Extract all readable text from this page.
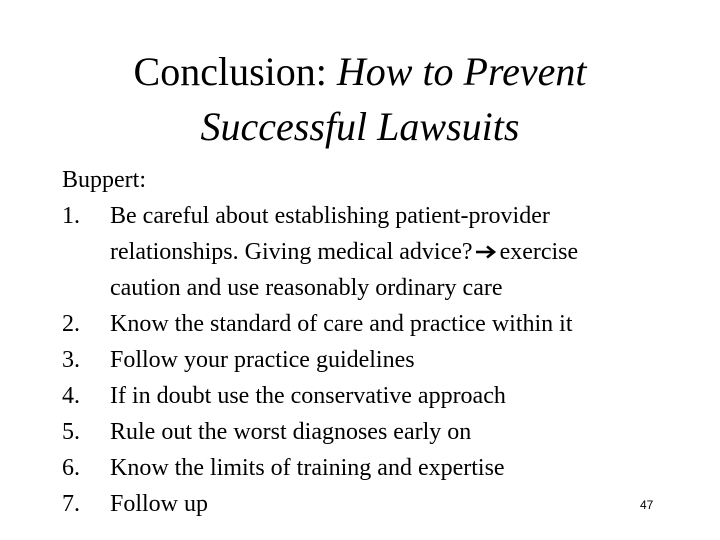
Conclusion: How to Prevent
Successful Lawsuits
Buppert:
1.	Be careful about establishing patient-provider
relationships. Giving medical advice? exercise
caution and use reasonably ordinary care
2.	Know the standard of care and practice within it
3.	Follow your practice guidelines
4.	If in doubt use the conservative approach
5.	Rule out the worst diagnoses early on
6.	Know the limits of training and expertise
7.	Follow up	47
